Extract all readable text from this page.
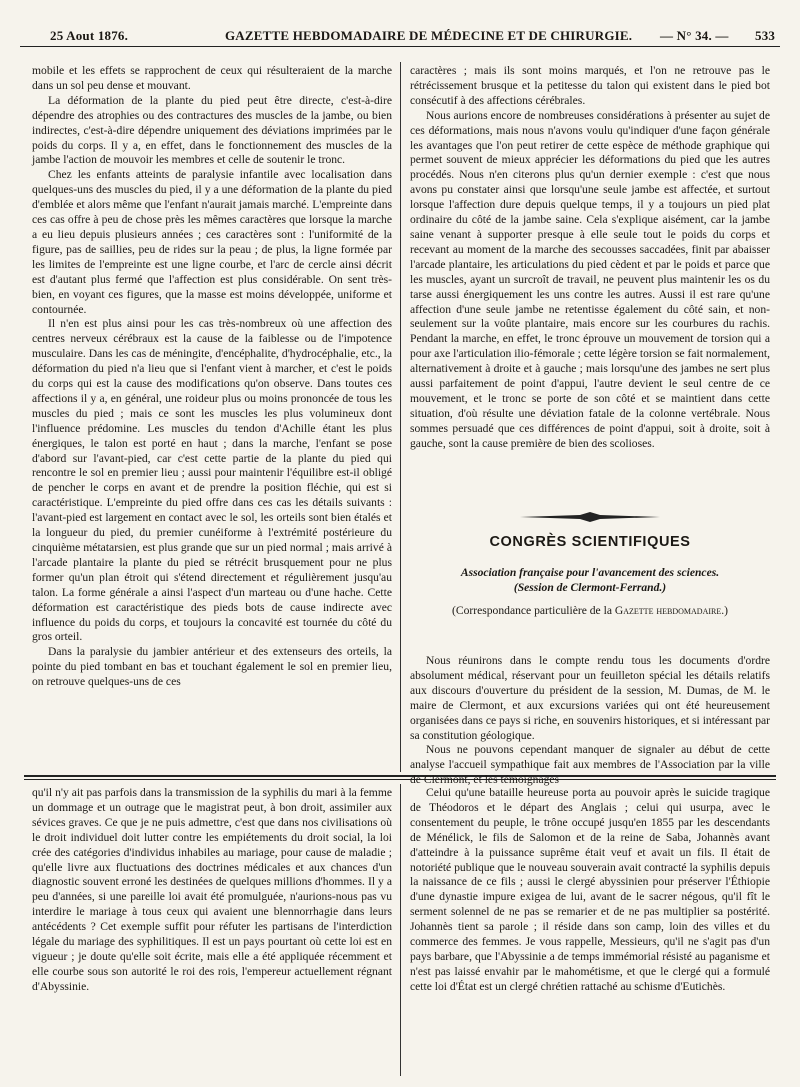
25 Aout 1876.	GAZETTE HEBDOMADAIRE DE MÉDECINE ET DE CHIRURGIE. — N° 34. — 533

mobile et les effets se rapprochent de ceux qui résulteraient de la marche dans un sol peu dense et mouvant.

La déformation de la plante du pied peut être directe, c'est-à-dire dépendre des atrophies ou des contractures des muscles de la jambe, ou bien indirectes, c'est-à-dire dépendre uniquement des déviations imprimées par le poids du corps. Il y a, en effet, dans le fonctionnement des muscles de la jambe l'action de mouvoir les membres et celle de soutenir le tronc.

Chez les enfants atteints de paralysie infantile avec localisation dans quelques-uns des muscles du pied, il y a une déformation de la plante du pied d'emblée et alors même que l'enfant n'aurait jamais marché. L'empreinte dans ces cas offre à peu de chose près les mêmes caractères que lorsque la marche a eu lieu depuis plusieurs années ; ces caractères sont : l'uniformité de la figure, pas de saillies, peu de rides sur la peau ; de plus, la ligne formée par les limites de l'empreinte est une ligne courbe, et l'arc de cercle ainsi décrit est d'autant plus fermé que l'affection est plus considérable. On sent très-bien, en voyant ces figures, que la masse est moins développée, uniforme et contournée.

Il n'en est plus ainsi pour les cas très-nombreux où une affection des centres nerveux cérébraux est la cause de la faiblesse ou de l'impotence musculaire. Dans les cas de méningite, d'encéphalite, d'hydrocéphalie, etc., la déformation du pied n'a lieu que si l'enfant vient à marcher, et c'est le poids du corps qui est la cause des modifications qu'on observe. Dans toutes ces affections il y a, en général, une roideur plus ou moins prononcée de tous les muscles du pied ; mais ce sont les muscles les plus volumineux dont l'influence prédomine. Les muscles du tendon d'Achille étant les plus énergiques, le talon est porté en haut ; dans la marche, l'enfant se pose d'abord sur l'avant-pied, car c'est cette partie de la plante du pied qui rencontre le sol en premier lieu ; aussi pour maintenir l'équilibre est-il obligé de pencher le corps en avant et de prendre la position fléchie, qui est si caractéristique. L'empreinte du pied offre dans ces cas les détails suivants : l'avant-pied est largement en contact avec le sol, les orteils sont bien étalés et la longueur du pied, du premier cunéiforme à l'extrémité postérieure du cinquième métatarsien, est plus grande que sur un pied normal ; mais arrivé à l'arcade plantaire la plante du pied se rétrécit brusquement pour ne plus former qu'un plan étroit qui s'étend directement et régulièrement jusqu'au talon. La forme générale a ainsi l'aspect d'un marteau ou d'une hache. Cette déformation est caractéristique des pieds bots de cause indirecte avec influence du poids du corps, et toujours la concavité est tournée du côté du gros orteil.

Dans la paralysie du jambier antérieur et des extenseurs des orteils, la pointe du pied tombant en bas et touchant également le sol en premier lieu, on retrouve quelques-uns de ces

caractères ; mais ils sont moins marqués, et l'on ne retrouve pas le rétrécissement brusque et la petitesse du talon qui existent dans le pied bot consécutif à des affections cérébrales.

Nous aurions encore de nombreuses considérations à présenter au sujet de ces déformations, mais nous n'avons voulu qu'indiquer d'une façon générale les avantages que l'on peut retirer de cette espèce de méthode graphique qui permet souvent de mieux apprécier les déformations du pied que les autres procédés. Nous n'en citerons plus qu'un dernier exemple : c'est que nous avons pu constater ainsi que lorsqu'une seule jambe est affectée, et surtout lorsque l'affection dure depuis quelque temps, il y a toujours un pied plat ordinaire du côté de la jambe saine. Cela s'explique aisément, car la jambe saine venant à supporter presque à elle seule tout le poids du corps et recevant au moment de la marche des secousses saccadées, finit par abaisser l'arcade plantaire, les articulations du pied cèdent et par le poids et parce que les muscles, ayant un surcroît de travail, ne peuvent plus maintenir les os du tarse aussi énergiquement les uns contre les autres. Aussi il est rare qu'une affection d'une seule jambe ne retentisse également du côté sain, et non-seulement sur la voûte plantaire, mais encore sur les courbures du rachis. Pendant la marche, en effet, le tronc éprouve un mouvement de torsion qui a pour axe l'articulation ilio-fémorale ; cette légère torsion se fait normalement, alternativement à droite et à gauche ; mais lorsqu'une des jambes ne sert plus aussi parfaitement de point d'appui, l'autre devient le seul centre de ce mouvement, et le tronc se porte de son côté et se maintient dans cette situation, d'où résulte une déviation fatale de la colonne vertébrale. Nous sommes persuadé que ces différences de point d'appui, soit à droite, soit à gauche, sont la cause première de bien des scolioses.

CONGRÈS SCIENTIFIQUES
Association française pour l'avancement des sciences.
(Session de Clermont-Ferrand.)
(Correspondance particulière de la Gazette hebdomadaire.)

Nous réunirons dans le compte rendu tous les documents d'ordre absolument médical, réservant pour un feuilleton spécial les détails relatifs aux discours d'ouverture du président de la session, M. Dumas, de M. le maire de Clermont, et aux excursions variées qui ont été heureusement organisées dans ce pays si riche, en souvenirs historiques, et si intéressant par sa constitution géologique.

Nous ne pouvons cependant manquer de signaler au début de cette analyse l'accueil sympathique fait aux membres de l'Association par la ville de Clermont, et les témoignages

qu'il n'y ait pas parfois dans la transmission de la syphilis du mari à la femme un dommage et un outrage que le magistrat peut, à bon droit, assimiler aux sévices graves. Ce que je ne puis admettre, c'est que dans nos civilisations où le droit individuel doit lutter contre les empiétements du droit social, la loi crée des catégories d'individus inhabiles au mariage, pour cause de maladie ; qu'elle livre aux fluctuations des doctrines médicales et aux chances d'un diagnostic souvent erroné les destinées de quelques millions d'hommes. Il y a peu d'années, si une pareille loi avait été promulguée, n'aurions-nous pas vu interdire le mariage à tous ceux qui avaient une blennorrhagie dans leurs antécédents ? Cet exemple suffit pour réfuter les partisans de l'interdiction légale du mariage des syphilitiques. Il est un pays pourtant où cette loi est en vigueur ; je doute qu'elle soit écrite, mais elle a été appliquée récemment et elle courbe sous son autorité le roi des rois, l'empereur actuellement régnant d'Abyssinie.

Celui qu'une bataille heureuse porta au pouvoir après le suicide tragique de Théodoros et le départ des Anglais ; celui qui usurpa, avec le consentement du peuple, le trône occupé jusqu'en 1855 par les descendants de Ménélick, le fils de Salomon et de la reine de Saba, Johannès avant d'atteindre à la puissance suprême était veuf et avait un fils. Il était de notoriété publique que le nouveau souverain avait contracté la syphilis depuis la naissance de ce fils ; aussi le clergé abyssinien pour préserver l'Éthiopie d'une dynastie impure exigea de lui, avant de le sacrer négous, qu'il fît le serment solennel de ne pas se remarier et de ne pas multiplier sa postérité. Johannès tient sa parole ; il réside dans son camp, loin des villes et du commerce des femmes. Je vous rappelle, Messieurs, qu'il ne s'agit pas d'un pays barbare, que l'Abyssinie a de temps immémorial résisté au paganisme et n'est pas laissé envahir par le mahométisme, et que le clergé qui a formulé cette loi d'État est un clergé chrétien rattaché au schisme d'Eutichès.
